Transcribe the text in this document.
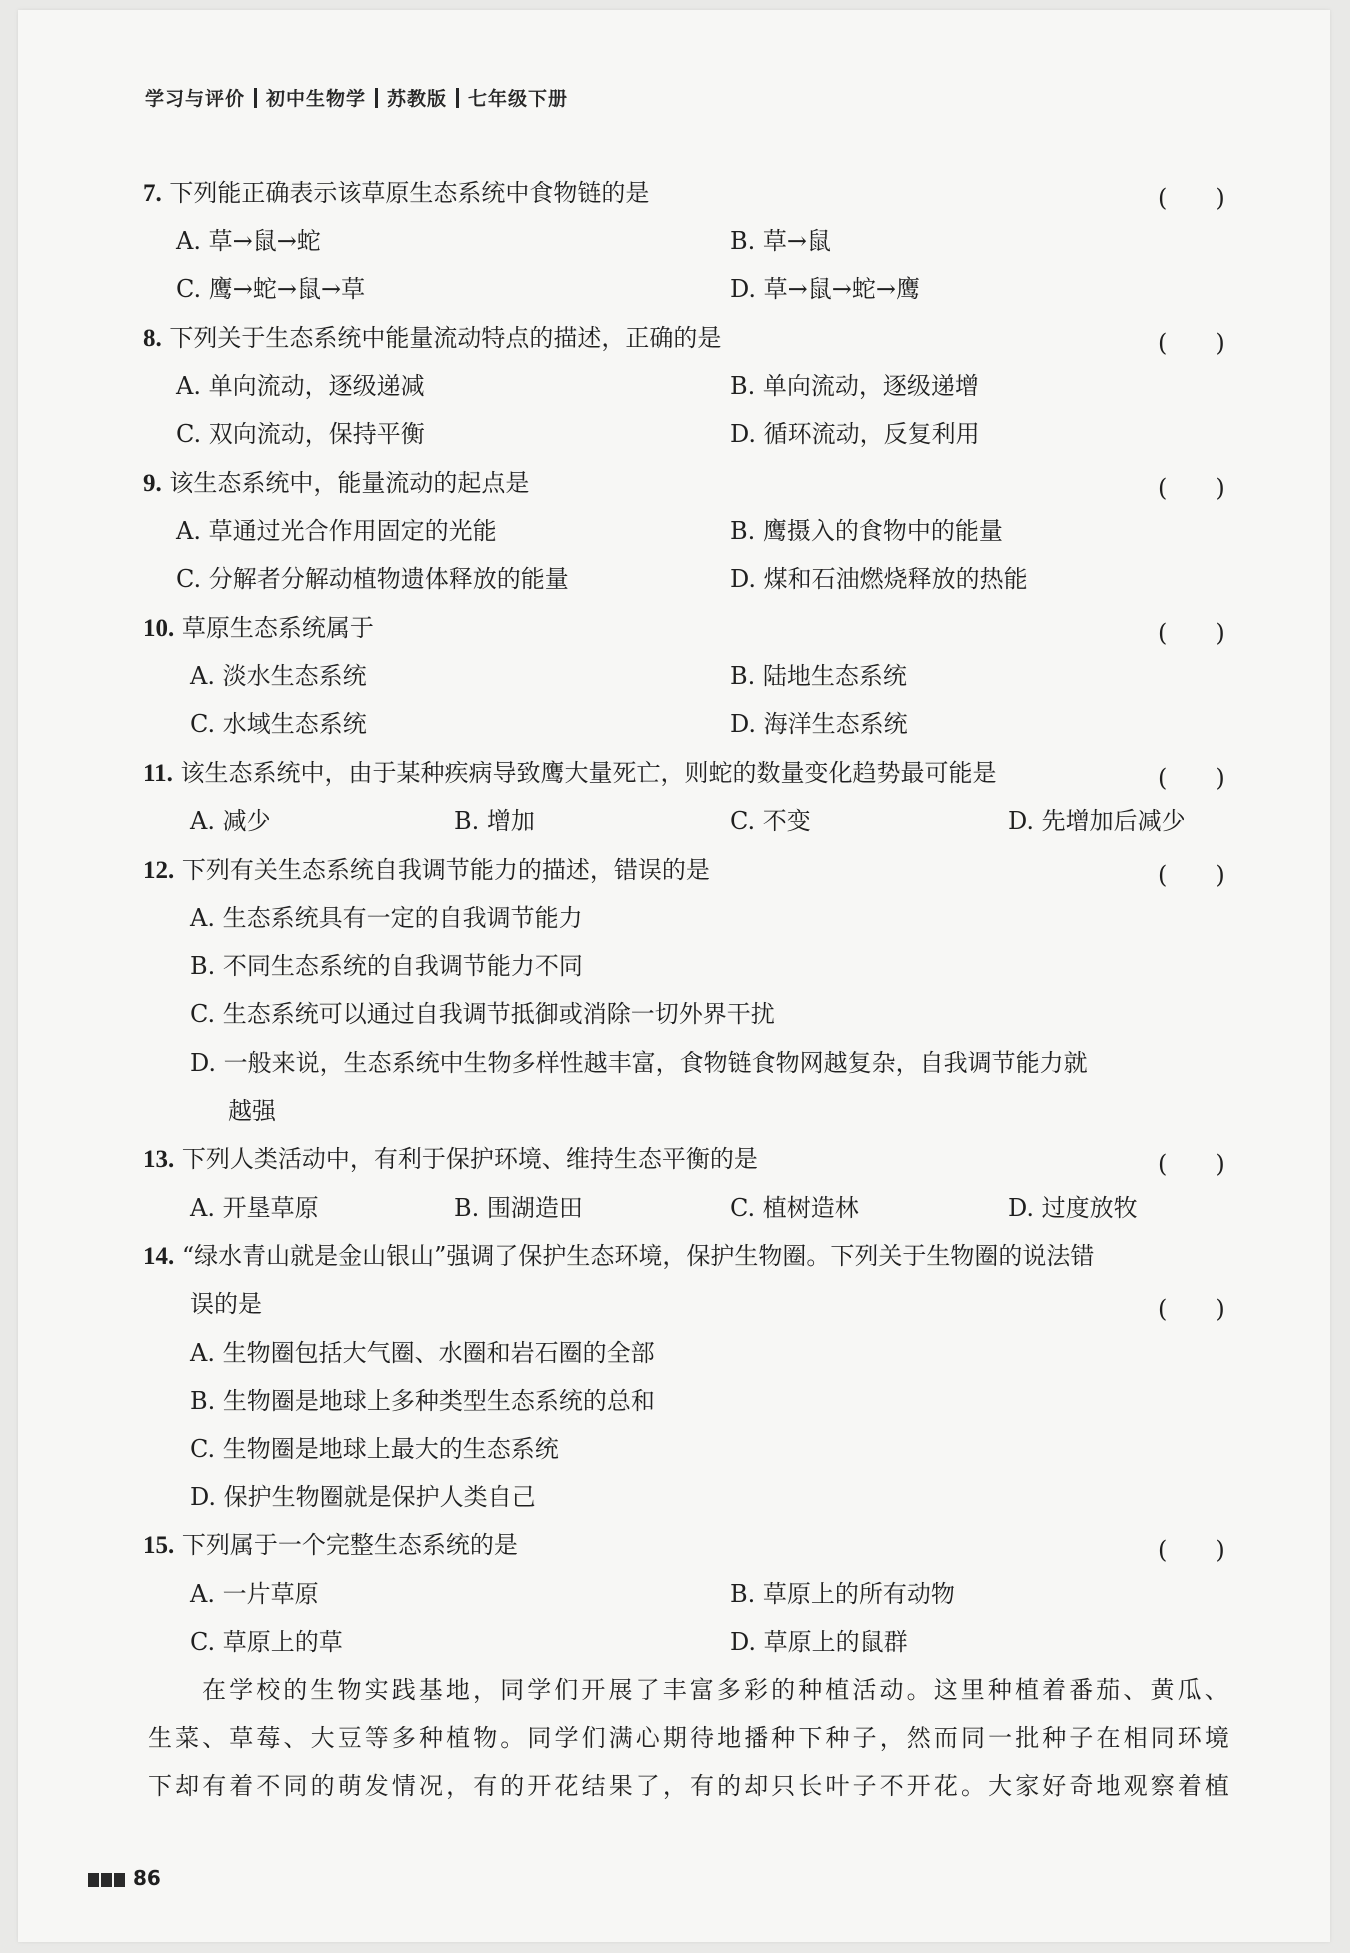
学习与评价 初中生物学 苏教版 七年级下册
7. 下列能正确表示该草原生态系统中食物链的是	(　　)
A. 草→鼠→蛇	B. 草→鼠
C. 鹰→蛇→鼠→草	D. 草→鼠→蛇→鹰
8. 下列关于生态系统中能量流动特点的描述，正确的是	(　　)
A. 单向流动，逐级递减	B. 单向流动，逐级递增
C. 双向流动，保持平衡	D. 循环流动，反复利用
9. 该生态系统中，能量流动的起点是	(　　)
A. 草通过光合作用固定的光能	B. 鹰摄入的食物中的能量
C. 分解者分解动植物遗体释放的能量	D. 煤和石油燃烧释放的热能
10. 草原生态系统属于	(　　)
A. 淡水生态系统	B. 陆地生态系统
C. 水域生态系统	D. 海洋生态系统
11. 该生态系统中，由于某种疾病导致鹰大量死亡，则蛇的数量变化趋势最可能是	(　　)
A. 减少	B. 增加	C. 不变	D. 先增加后减少
12. 下列有关生态系统自我调节能力的描述，错误的是	(　　)
A. 生态系统具有一定的自我调节能力
B. 不同生态系统的自我调节能力不同
C. 生态系统可以通过自我调节抵御或消除一切外界干扰
D. 一般来说，生态系统中生物多样性越丰富，食物链食物网越复杂，自我调节能力就
越强
13. 下列人类活动中，有利于保护环境、维持生态平衡的是	(　　)
A. 开垦草原	B. 围湖造田	C. 植树造林	D. 过度放牧
14. “绿水青山就是金山银山”强调了保护生态环境，保护生物圈。下列关于生物圈的说法错
误的是	(　　)
A. 生物圈包括大气圈、水圈和岩石圈的全部
B. 生物圈是地球上多种类型生态系统的总和
C. 生物圈是地球上最大的生态系统
D. 保护生物圈就是保护人类自己
15. 下列属于一个完整生态系统的是	(　　)
A. 一片草原	B. 草原上的所有动物
C. 草原上的草	D. 草原上的鼠群
在学校的生物实践基地，同学们开展了丰富多彩的种植活动。这里种植着番茄、黄瓜、
生菜、草莓、大豆等多种植物。同学们满心期待地播种下种子，然而同一批种子在相同环境
下却有着不同的萌发情况，有的开花结果了，有的却只长叶子不开花。大家好奇地观察着植
86
